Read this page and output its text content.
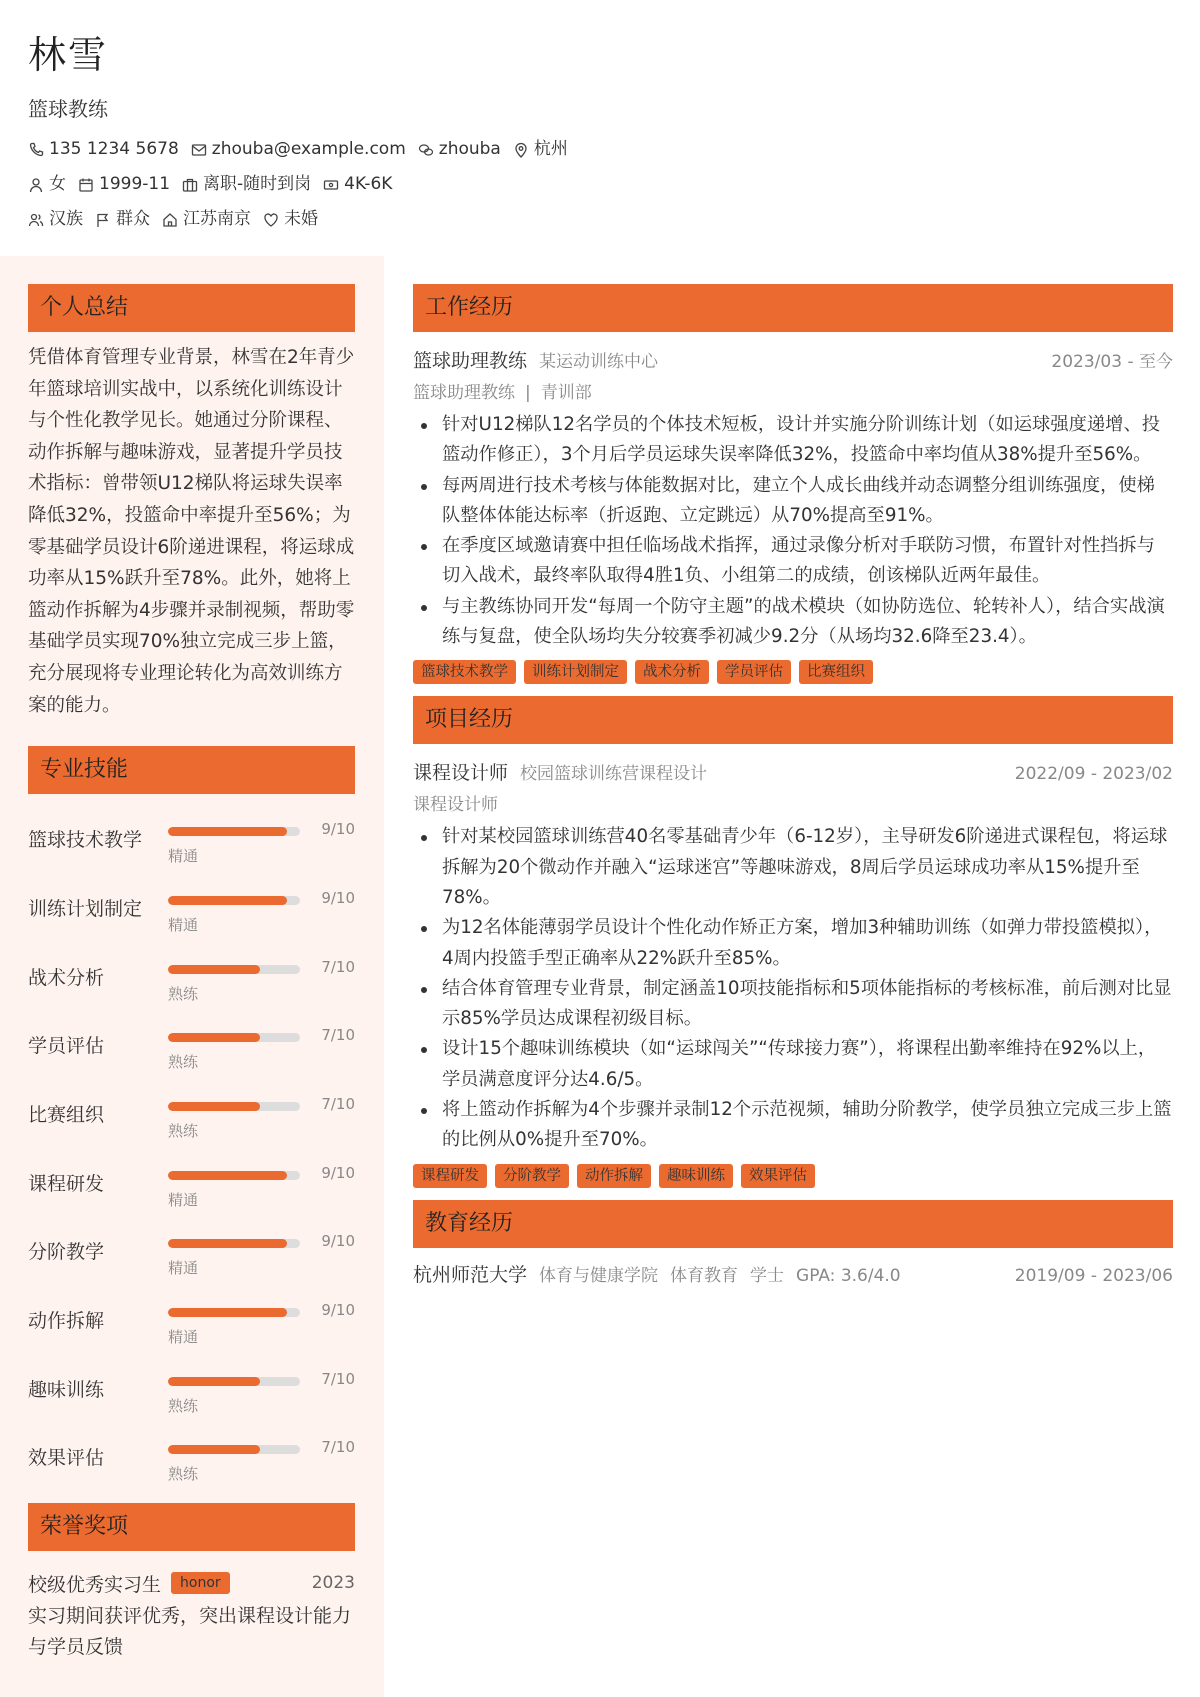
林雪
篮球教练
135 1234 5678 zhouba@example.com zhouba 杭州
女 1999-11 离职-随时到岗 4K-6K
汉族 群众 江苏南京 未婚
个人总结
凭借体育管理专业背景，林雪在2年青少年篮球培训实战中，以系统化训练设计与个性化教学见长。她通过分阶课程、动作拆解与趣味游戏，显著提升学员技术指标：曾带领U12梯队将运球失误率降低32%，投篮命中率提升至56%；为零基础学员设计6阶递进课程，将运球成功率从15%跃升至78%。此外，她将上篮动作拆解为4步骤并录制视频，帮助零基础学员实现70%独立完成三步上篮，充分展现将专业理论转化为高效训练方案的能力。
专业技能
篮球技术教学	9/10
精通
训练计划制定	9/10
精通
战术分析	7/10
熟练
学员评估	7/10
熟练
比赛组织	7/10
熟练
课程研发	9/10
精通
分阶教学	9/10
精通
动作拆解	9/10
精通
趣味训练	7/10
熟练
效果评估	7/10
熟练
荣誉奖项
校级优秀实习生	honor	2023
实习期间获评优秀，突出课程设计能力与学员反馈
工作经历
篮球助理教练 某运动训练中心	2023/03 - 至今
篮球助理教练 | 青训部
针对U12梯队12名学员的个体技术短板，设计并实施分阶训练计划（如运球强度递增、投篮动作修正），3个月后学员运球失误率降低32%，投篮命中率均值从38%提升至56%。
每两周进行技术考核与体能数据对比，建立个人成长曲线并动态调整分组训练强度，使梯队整体体能达标率（折返跑、立定跳远）从70%提高至91%。
在季度区域邀请赛中担任临场战术指挥，通过录像分析对手联防习惯，布置针对性挡拆与切入战术，最终率队取得4胜1负、小组第二的成绩，创该梯队近两年最佳。
与主教练协同开发“每周一个防守主题”的战术模块（如协防选位、轮转补人），结合实战演练与复盘，使全队场均失分较赛季初减少9.2分（从场均32.6降至23.4）。
篮球技术教学	训练计划制定	战术分析	学员评估	比赛组织
项目经历
课程设计师 校园篮球训练营课程设计	2022/09 - 2023/02
课程设计师
针对某校园篮球训练营40名零基础青少年（6-12岁），主导研发6阶递进式课程包，将运球拆解为20个微动作并融入“运球迷宫”等趣味游戏，8周后学员运球成功率从15%提升至78%。
为12名体能薄弱学员设计个性化动作矫正方案，增加3种辅助训练（如弹力带投篮模拟），4周内投篮手型正确率从22%跃升至85%。
结合体育管理专业背景，制定涵盖10项技能指标和5项体能指标的考核标准，前后测对比显示85%学员达成课程初级目标。
设计15个趣味训练模块（如“运球闯关”“传球接力赛”），将课程出勤率维持在92%以上，学员满意度评分达4.6/5。
将上篮动作拆解为4个步骤并录制12个示范视频，辅助分阶教学，使学员独立完成三步上篮的比例从0%提升至70%。
课程研发	分阶教学	动作拆解	趣味训练	效果评估
教育经历
杭州师范大学 体育与健康学院 体育教育 学士 GPA: 3.6/4.0	2019/09 - 2023/06
